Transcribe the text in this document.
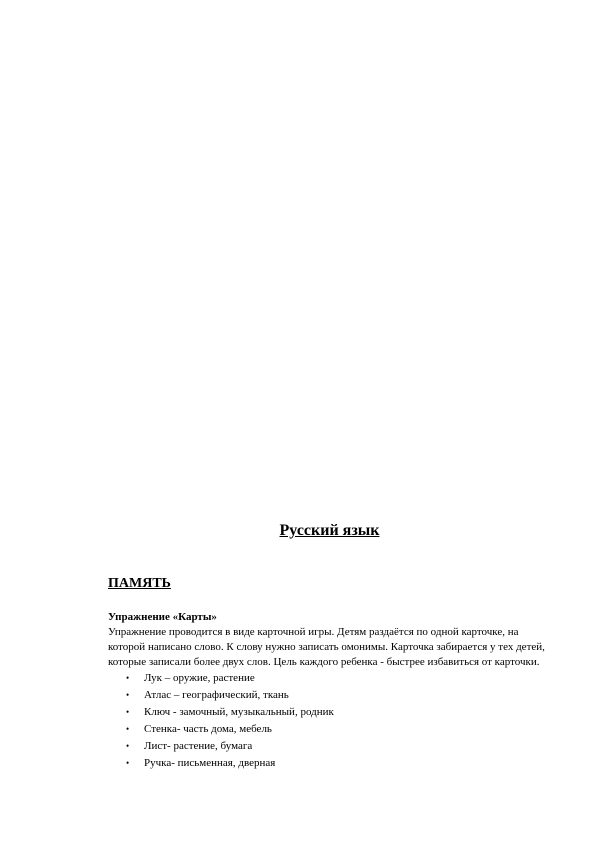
Русский язык
ПАМЯТЬ
Упражнение «Карты»

Упражнение проводится в виде карточной игры. Детям раздаётся по одной карточке, на которой написано слово. К слову нужно записать омонимы. Карточка забирается у тех детей, которые записали более двух слов. Цель каждого ребенка - быстрее избавиться от карточки.

• Лук – оружие, растение
• Атлас – географический, ткань
• Ключ - замочный, музыкальный, родник
• Стенка- часть дома, мебель
• Лист- растение, бумага
• Ручка- письменная, дверная
